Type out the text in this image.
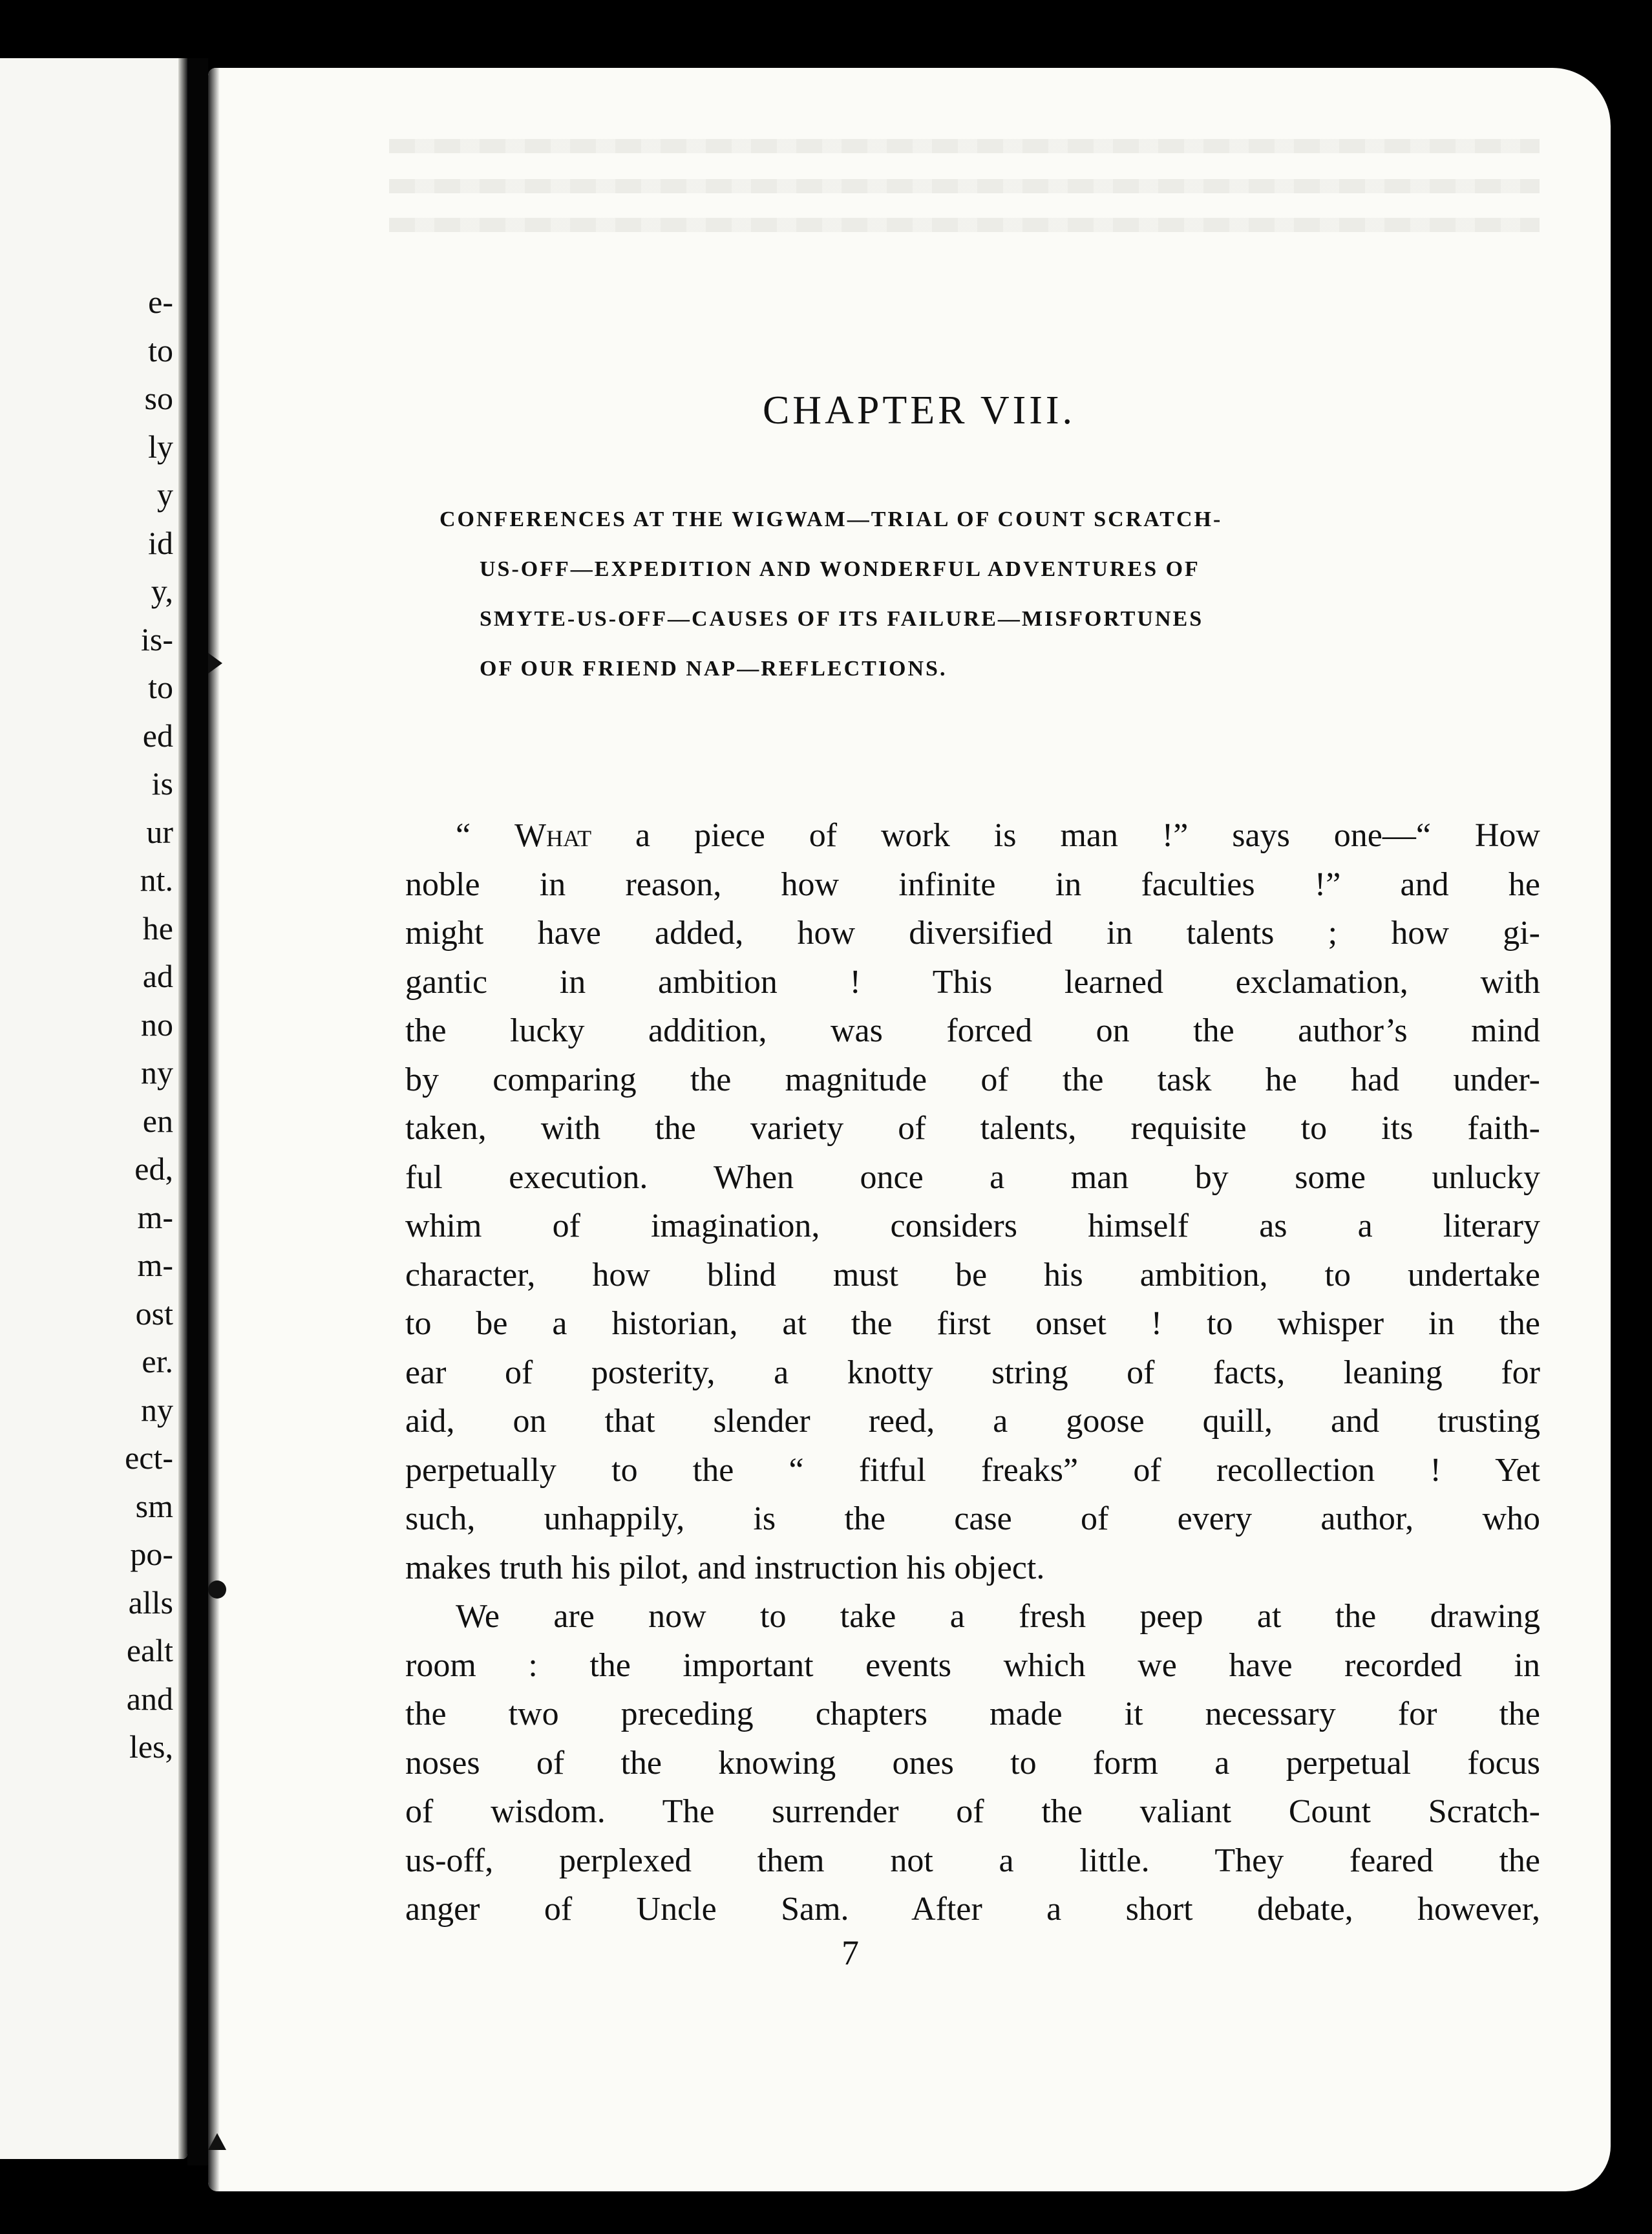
e-
to
so
ly
y
id
y,
is-
to
ed
is
ur
nt.
he
ad
no
ny
en
ed,
m-
m-
ost
er.
ny
ect-
sm
po-
alls
ealt
and
les,
CHAPTER VIII.
CONFERENCES AT THE WIGWAM—TRIAL OF COUNT SCRATCH-
US-OFF—EXPEDITION AND WONDERFUL ADVENTURES OF
SMYTE-US-OFF—CAUSES OF ITS FAILURE—MISFORTUNES
OF OUR FRIEND NAP—REFLECTIONS.
“ What a piece of work is man !” says one—“ How
noble in reason, how infinite in faculties !” and he
might have added, how diversified in talents ; how gi-
gantic in ambition ! This learned exclamation, with
the lucky addition, was forced on the author’s mind
by comparing the magnitude of the task he had under-
taken, with the variety of talents, requisite to its faith-
ful execution. When once a man by some unlucky
whim of imagination, considers himself as a literary
character, how blind must be his ambition, to undertake
to be a historian, at the first onset ! to whisper in the
ear of posterity, a knotty string of facts, leaning for
aid, on that slender reed, a goose quill, and trusting
perpetually to the “ fitful freaks” of recollection ! Yet
such, unhappily, is the case of every author, who
makes truth his pilot, and instruction his object.
We are now to take a fresh peep at the drawing
room : the important events which we have recorded in
the two preceding chapters made it necessary for the
noses of the knowing ones to form a perpetual focus
of wisdom. The surrender of the valiant Count Scratch-
us-off, perplexed them not a little. They feared the
anger of Uncle Sam. After a short debate, however,
7
